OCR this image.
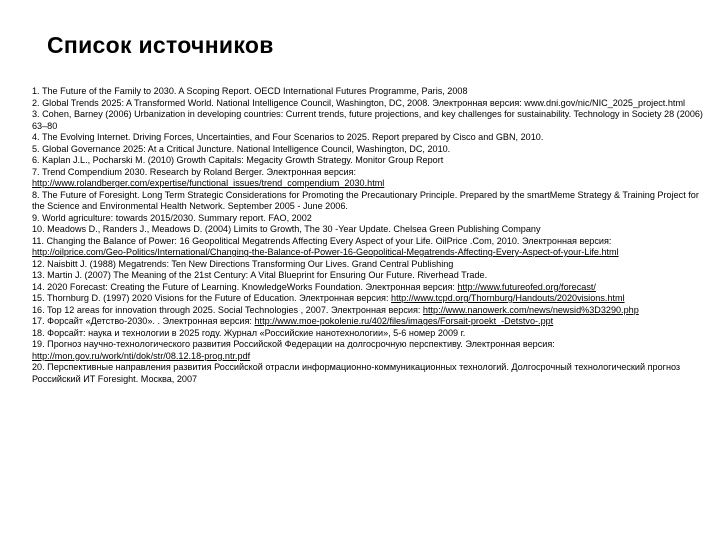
Список источников
1. The Future of the Family to 2030. A Scoping Report. OECD International Futures Programme, Paris, 2008
2. Global Trends 2025: A Transformed World. National Intelligence Council, Washington, DC, 2008. Электронная версия: www.dni.gov/nic/NIC_2025_project.html
3. Cohen, Barney (2006) Urbanization in developing countries: Current trends, future projections, and key challenges for sustainability. Technology in Society 28 (2006) 63–80
4. The Evolving Internet. Driving Forces, Uncertainties, and Four Scenarios to 2025. Report prepared by Cisco and GBN, 2010.
5. Global Governance 2025: At a Critical Juncture. National Intelligence Council, Washington, DC, 2010.
6. Kaplan J.L., Pocharski M. (2010) Growth Capitals: Megacity Growth Strategy. Monitor Group Report
7. Trend Compendium 2030. Research by Roland Berger. Электронная версия: http://www.rolandberger.com/expertise/functional_issues/trend_compendium_2030.html
8. The Future of Foresight. Long Term Strategic Considerations for Promoting the Precautionary Principle. Prepared by the smartMeme Strategy & Training Project for the Science and Environmental Health Network. September 2005 - June 2006.
9. World agriculture: towards 2015/2030. Summary report. FAO, 2002
10. Meadows D., Randers J., Meadows D. (2004) Limits to Growth, The 30 -Year Update. Chelsea Green Publishing Company
11. Changing the Balance of Power: 16 Geopolitical Megatrends Affecting Every Aspect of your Life. OilPrice .Com, 2010. Электронная версия: http://oilprice.com/Geo-Politics/International/Changing-the-Balance-of-Power-16-Geopolitical-Megatrends-Affecting-Every-Aspect-of-your-Life.html
12. Naisbitt J. (1988) Megatrends: Ten New Directions Transforming Our Lives. Grand Central Publishing
13. Martin J. (2007) The Meaning of the 21st Century: A Vital Blueprint for Ensuring Our Future. Riverhead Trade.
14. 2020 Forecast: Creating the Future of Learning. KnowledgeWorks Foundation. Электронная версия: http://www.futureofed.org/forecast/
15. Thornburg D. (1997) 2020 Visions for the Future of Education. Электронная версия: http://www.tcpd.org/Thornburg/Handouts/2020visions.html
16. Top 12 areas for innovation through 2025. Social Technologies , 2007. Электронная версия: http://www.nanowerk.com/news/newsid%3D3290.php
17. Форсайт «Детство-2030». . Электронная версия: http://www.moe-pokolenie.ru/402/files/images/Forsait-proekt_-Detstvo-.ppt
18. Форсайт: наука и технологии в 2025 году. Журнал «Российские нанотехнологии», 5-6 номер 2009 г.
19. Прогноз научно-технологического развития Российской Федерации на долгосрочную перспективу. Электронная версия: http://mon.gov.ru/work/nti/dok/str/08.12.18-prog.ntr.pdf
20. Перспективные направления развития Российской отрасли информационно-коммуникационных технологий. Долгосрочный технологический прогноз Российский ИТ Foresight. Москва, 2007
